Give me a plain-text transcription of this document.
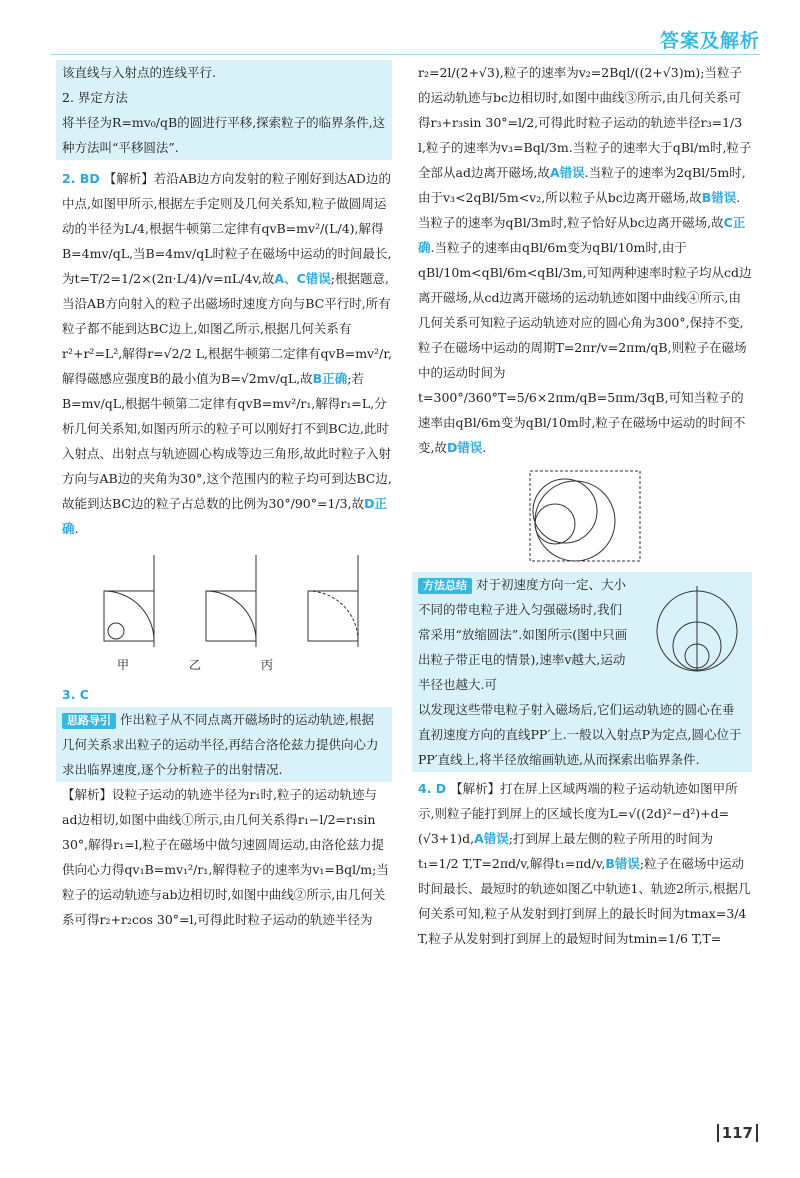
答案及解析

该直线与入射点的连线平行.

2. 界定方法

将半径为R=mv₀/qB的圆进行平移,探索粒子的临界条件,这种方法叫“平移圆法”.

2. BD 【解析】若沿AB边方向发射的粒子刚好到达AD边的中点,如图甲所示,根据左手定则及几何关系知,粒子做圆周运动的半径为L/4,根据牛顿第二定律有qvB=mv²/(L/4),解得B=4mv/qL,当B=4mv/qL时粒子在磁场中运动的时间最长,为t=T/2=1/2×(2π·L/4)/v=πL/4v,故A、C错误;根据题意,当沿AB方向射入的粒子出磁场时速度方向与BC平行时,所有粒子都不能到达BC边上,如图乙所示,根据几何关系有r²+r²=L²,解得r=√2/2 L,根据牛顿第二定律有qvB=mv²/r,解得磁感应强度B的最小值为B=√2mv/qL,故B正确;若B=mv/qL,根据牛顿第二定律有qvB=mv²/r₁,解得r₁=L,分析几何关系知,如图丙所示的粒子可以刚好打不到BC边,此时入射点、出射点与轨迹圆心构成等边三角形,故此时粒子入射方向与AB边的夹角为30°,这个范围内的粒子均可到达BC边,故能到达BC边的粒子占总数的比例为30°/90°=1/3,故D正确.

甲	乙	丙

3. C

思路导引 作出粒子从不同点离开磁场时的运动轨迹,根据几何关系求出粒子的运动半径,再结合洛伦兹力提供向心力求出临界速度,逐个分析粒子的出射情况.

【解析】设粒子运动的轨迹半径为r₁时,粒子的运动轨迹与ad边相切,如图中曲线①所示,由几何关系得r₁−l/2=r₁sin 30°,解得r₁=l,粒子在磁场中做匀速圆周运动,由洛伦兹力提供向心力得qv₁B=mv₁²/r₁,解得粒子的速率为v₁=Bql/m;当粒子的运动轨迹与ab边相切时,如图中曲线②所示,由几何关系可得r₂+r₂cos 30°=l,可得此时粒子运动的轨迹半径为

r₂=2l/(2+√3),粒子的速率为v₂=2Bql/((2+√3)m);当粒子的运动轨迹与bc边相切时,如图中曲线③所示,由几何关系可得r₃+r₃sin 30°=l/2,可得此时粒子运动的轨迹半径r₃=1/3 l,粒子的速率为v₃=Bql/3m.当粒子的速率大于qBl/m时,粒子全部从ad边离开磁场,故A错误.当粒子的速率为2qBl/5m时,由于v₃<2qBl/5m<v₂,所以粒子从bc边离开磁场,故B错误.当粒子的速率为qBl/3m时,粒子恰好从bc边离开磁场,故C正确.当粒子的速率由qBl/6m变为qBl/10m时,由于qBl/10m<qBl/6m<qBl/3m,可知两种速率时粒子均从cd边离开磁场,从cd边离开磁场的运动轨迹如图中曲线④所示,由几何关系可知粒子运动轨迹对应的圆心角为300°,保持不变,粒子在磁场中运动的周期T=2πr/v=2πm/qB,则粒子在磁场中的运动时间为t=300°/360°T=5/6×2πm/qB=5πm/3qB,可知当粒子的速率由qBl/6m变为qBl/10m时,粒子在磁场中运动的时间不变,故D错误.

方法总结 对于初速度方向一定、大小不同的带电粒子进入匀强磁场时,我们常采用“放缩圆法”.如图所示(图中只画出粒子带正电的情景),速率v越大,运动半径也越大.可

以发现这些带电粒子射入磁场后,它们运动轨迹的圆心在垂直初速度方向的直线PP′上.一般以入射点P为定点,圆心位于PP′直线上,将半径放缩画轨迹,从而探索出临界条件.

4. D 【解析】打在屏上区域两端的粒子运动轨迹如图甲所示,则粒子能打到屏上的区域长度为L=√((2d)²−d²)+d=(√3+1)d,A错误;打到屏上最左侧的粒子所用的时间为t₁=1/2 T,T=2πd/v,解得t₁=πd/v,B错误;粒子在磁场中运动时间最长、最短时的轨迹如图乙中轨迹1、轨迹2所示,根据几何关系可知,粒子从发射到打到屏上的最长时间为tmax=3/4 T,粒子从发射到打到屏上的最短时间为tmin=1/6 T,T=

117
